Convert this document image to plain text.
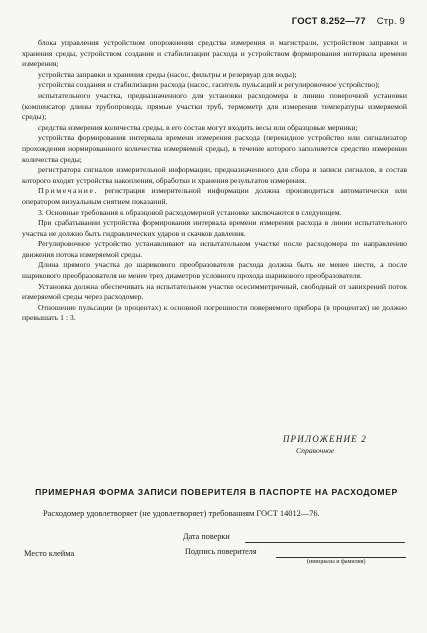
ГОСТ 8.252—77 Стр. 9

блока управления устройством опорожнения средства измерения и магистрали, устройством заправки и хранения среды, устройством создания и стабилизации расхода и устройством формирования интервала времени измерения;

устройства заправки и хранения среды (насос, фильтры и резервуар для воды);

устройства создания и стабилизации расхода (насос, гаситель пульсаций и регулировочное устройство);

испытательного участка, предназначенного для установки расходомера в линию поверочной установки (компенсатор длины трубопровода, прямые участки труб, термометр для измерения температуры измеряемой среды);

средства измерения количества среды, в его состав могут входить весы или образцовые мерники;

устройства формирования интервала времени измерения расхода (перекидное устройство или сигнализатор прохождения нормированного количества измеряемой среды), в течение которого заполняется средство измерении количества среды;

регистратора сигналов измерительной информации, предназначенного для сбора и записи сигналов, в состав которого входят устройства накопления, обработки и хранения результатов измерения.

Примечание. регистрация измерительной информации должна производиться автоматически или оператором визуальным снятием показаний.

3. Основные требования к образцовой расходомерной установке заключаются в следующем.

При срабатывании устройства формирования интервала времени измерения расхода в линии испытательного участка не должно быть гидравлических ударов и скачков давления.

Регулировочное устройство устанавливают на испытательном участке после расходомера по направлению движения потока измеряемой среды.

Длина прямого участка до шарикового преобразователя расхода должна быть не менее шести, а после шарикового преобразователя не менее трех диаметров условного прохода шарикового преобразователя.

Установка должна обеспечивать на испытательном участке осесимметричный, свободный от завихрений поток измеряемой среды через расходомер.

Отношение пульсации (в процентах) к основной погрешности поверяемого прибора (в процентах) не должно превышать 1 : 3.

ПРИЛОЖЕНИЕ 2
Справочное
ПРИМЕРНАЯ ФОРМА ЗАПИСИ ПОВЕРИТЕЛЯ В ПАСПОРТЕ НА РАСХОДОМЕР
Расходомер удовлетворяет (не удовлетворяет) требованиям ГОСТ 14012—76.
Дата поверки
Место клейма	Подпись поверителя
(инициалы и фамилия)
